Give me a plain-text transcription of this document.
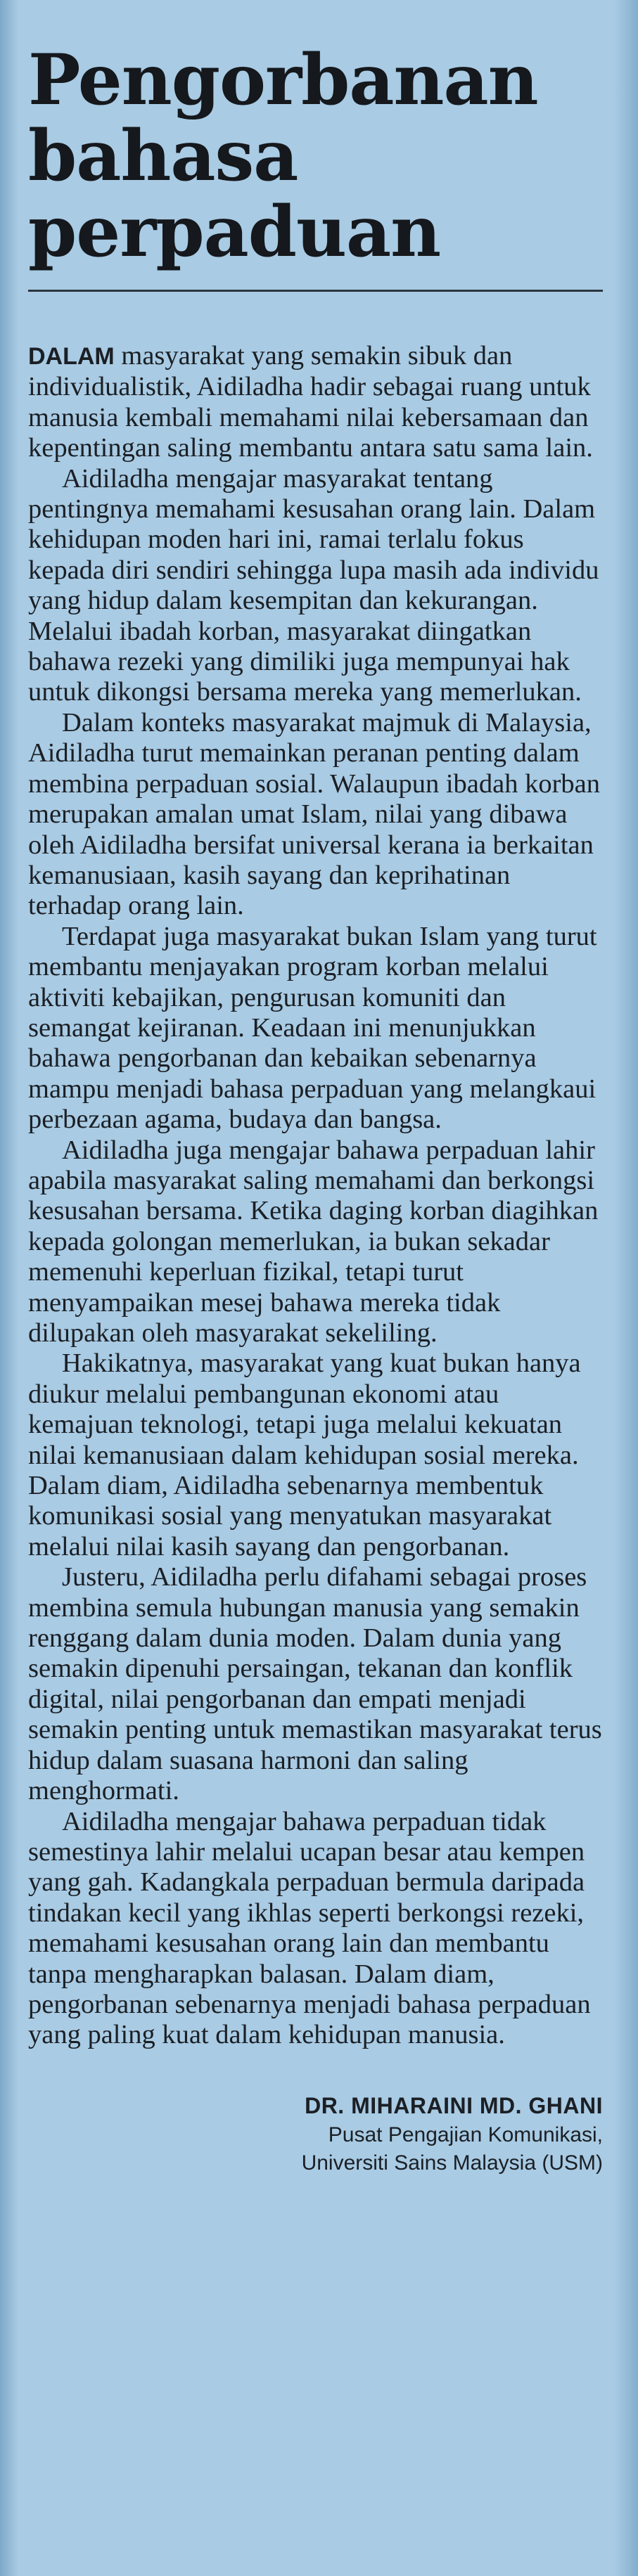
Pengorbanan bahasa perpaduan

DALAM masyarakat yang semakin sibuk dan individualistik, Aidiladha hadir sebagai ruang untuk manusia kembali memahami nilai kebersamaan dan kepentingan saling membantu antara satu sama lain.

Aidiladha mengajar masyarakat tentang pentingnya memahami kesusahan orang lain. Dalam kehidupan moden hari ini, ramai terlalu fokus kepada diri sendiri sehingga lupa masih ada individu yang hidup dalam kesempitan dan kekurangan. Melalui ibadah korban, masyarakat diingatkan bahawa rezeki yang dimiliki juga mempunyai hak untuk dikongsi bersama mereka yang memerlukan.

Dalam konteks masyarakat majmuk di Malaysia, Aidiladha turut memainkan peranan penting dalam membina perpaduan sosial. Walaupun ibadah korban merupakan amalan umat Islam, nilai yang dibawa oleh Aidiladha bersifat universal kerana ia berkaitan kemanusiaan, kasih sayang dan keprihatinan terhadap orang lain.

Terdapat juga masyarakat bukan Islam yang turut membantu menjayakan program korban melalui aktiviti kebajikan, pengurusan komuniti dan semangat kejiranan. Keadaan ini menunjukkan bahawa pengorbanan dan kebaikan sebenarnya mampu menjadi bahasa perpaduan yang melangkaui perbezaan agama, budaya dan bangsa.

Aidiladha juga mengajar bahawa perpaduan lahir apabila masyarakat saling memahami dan berkongsi kesusahan bersama. Ketika daging korban diagihkan kepada golongan memerlukan, ia bukan sekadar memenuhi keperluan fizikal, tetapi turut menyampaikan mesej bahawa mereka tidak dilupakan oleh masyarakat sekeliling.

Hakikatnya, masyarakat yang kuat bukan hanya diukur melalui pembangunan ekonomi atau kemajuan teknologi, tetapi juga melalui kekuatan nilai kemanusiaan dalam kehidupan sosial mereka. Dalam diam, Aidiladha sebenarnya membentuk komunikasi sosial yang menyatukan masyarakat melalui nilai kasih sayang dan pengorbanan.

Justeru, Aidiladha perlu difahami sebagai proses membina semula hubungan manusia yang semakin renggang dalam dunia moden. Dalam dunia yang semakin dipenuhi persaingan, tekanan dan konflik digital, nilai pengorbanan dan empati menjadi semakin penting untuk memastikan masyarakat terus hidup dalam suasana harmoni dan saling menghormati.

Aidiladha mengajar bahawa perpaduan tidak semestinya lahir melalui ucapan besar atau kempen yang gah. Kadangkala perpaduan bermula daripada tindakan kecil yang ikhlas seperti berkongsi rezeki, memahami kesusahan orang lain dan membantu tanpa mengharapkan balasan. Dalam diam, pengorbanan sebenarnya menjadi bahasa perpaduan yang paling kuat dalam kehidupan manusia.

DR. MIHARAINI MD. GHANI
Pusat Pengajian Komunikasi,
Universiti Sains Malaysia (USM)
